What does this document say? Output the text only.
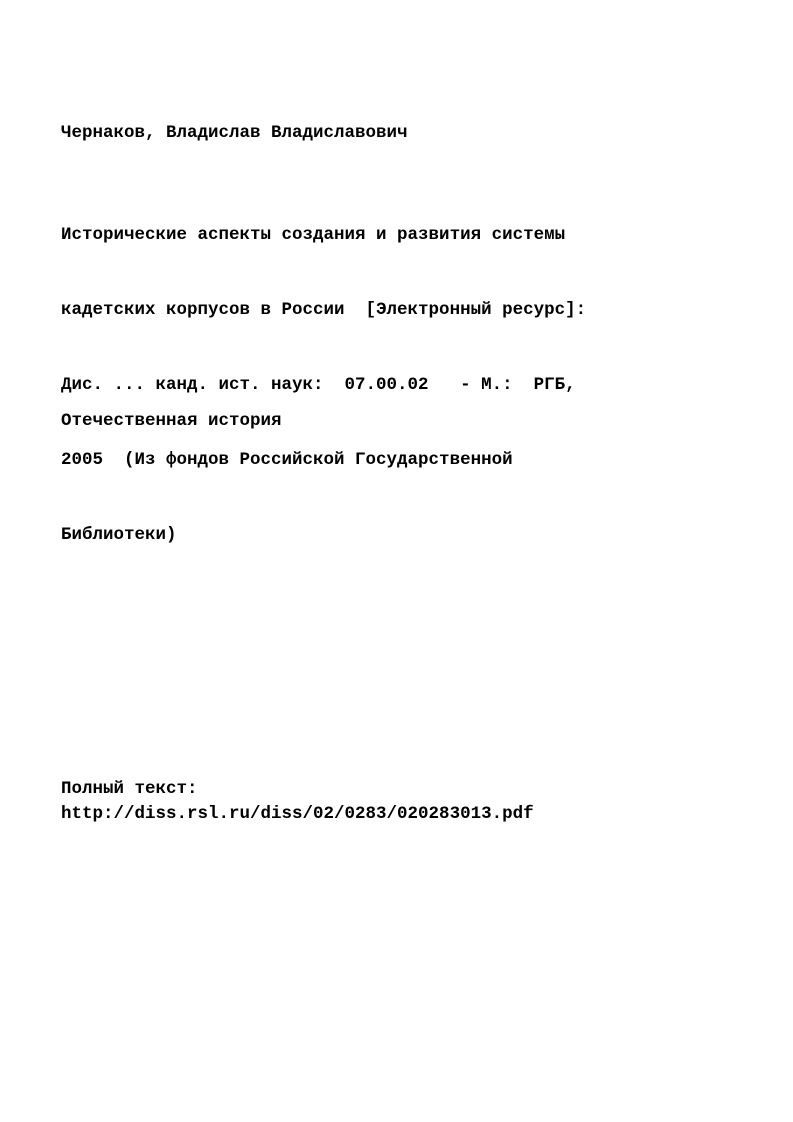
Чернаков, Владислав Владиславович

Исторические аспекты создания и развития системы

кадетских корпусов в России  [Электронный ресурс]:

Дис. ... канд. ист. наук:  07.00.02   - М.:  РГБ,

2005  (Из фондов Российской Государственной

Библиотеки)

Отечественная история
Полный текст:
http://diss.rsl.ru/diss/02/0283/020283013.pdf
